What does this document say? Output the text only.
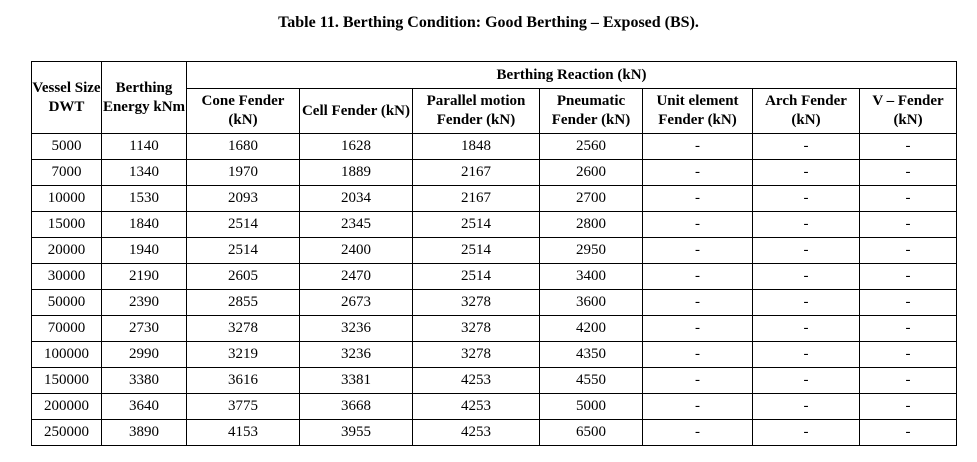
Table 11. Berthing Condition: Good Berthing – Exposed (BS).
Vessel Size DWT	Berthing Energy kNm	Berthing Reaction (kN)						
		Cone Fender (kN)	Cell Fender (kN)	Parallel motion Fender (kN)	Pneumatic Fender (kN)	Unit element Fender (kN)	Arch Fender (kN)	V – Fender (kN)
5000	1140	1680	1628	1848	2560	-	-	-
7000	1340	1970	1889	2167	2600	-	-	-
10000	1530	2093	2034	2167	2700	-	-	-
15000	1840	2514	2345	2514	2800	-	-	-
20000	1940	2514	2400	2514	2950	-	-	-
30000	2190	2605	2470	2514	3400	-	-	-
50000	2390	2855	2673	3278	3600	-	-	-
70000	2730	3278	3236	3278	4200	-	-	-
100000	2990	3219	3236	3278	4350	-	-	-
150000	3380	3616	3381	4253	4550	-	-	-
200000	3640	3775	3668	4253	5000	-	-	-
250000	3890	4153	3955	4253	6500	-	-	-
